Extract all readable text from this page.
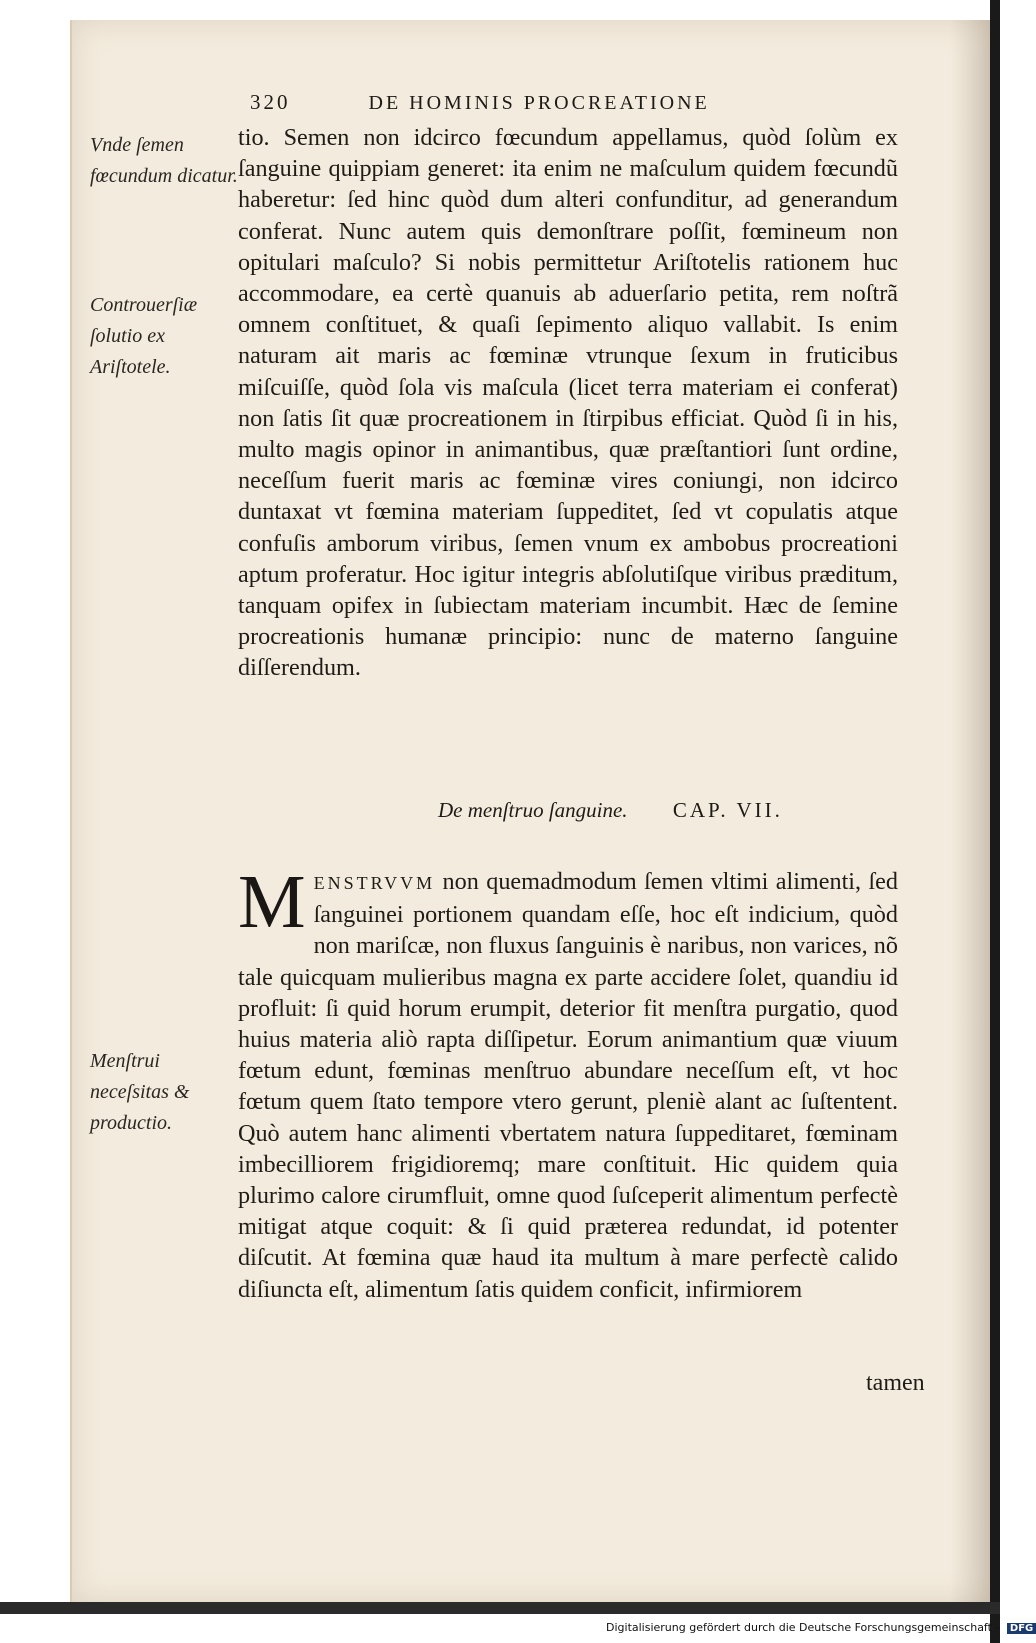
320	DE HOMINIS PROCREATIONE
Vnde ſemen fœcundum dicatur.
Controuerſiæ ſolutio ex Ariſtotele.
Menſtrui neceſsitas & productio.

tio. Semen non idcirco fœcundum appellamus, quòd ſolùm ex ſanguine quippiam generet: ita enim ne maſculum quidem fœcundũ haberetur: ſed hinc quòd dum alteri confunditur, ad generandum conferat. Nunc autem quis demonſtrare poſſit, fœmineum non opitulari maſculo? Si nobis permittetur Ariſtotelis rationem huc accommodare, ea certè quanuis ab aduerſario petita, rem noſtrã omnem conſtituet, & quaſi ſepimento aliquo vallabit. Is enim naturam ait maris ac fœminæ vtrunque ſexum in fruticibus miſcuiſſe, quòd ſola vis maſcula (licet terra materiam ei conferat) non ſatis ſit quæ procreationem in ſtirpibus efficiat. Quòd ſi in his, multo magis opinor in animantibus, quæ præſtantiori ſunt ordine, neceſſum fuerit maris ac fœminæ vires coniungi, non idcirco duntaxat vt fœmina materiam ſuppeditet, ſed vt copulatis atque confuſis amborum viribus, ſemen vnum ex ambobus procreationi aptum proferatur. Hoc igitur integris abſolutiſque viribus præditum, tanquam opifex in ſubiectam materiam incumbit. Hæc de ſemine procreationis humanæ principio: nunc de materno ſanguine diſſerendum.

De menſtruo ſanguine. CAP. VII.
M ENSTRVVM non quemadmodum ſemen vltimi alimenti, ſed ſanguinei portionem quandam eſſe, hoc eſt indicium, quòd non mariſcæ, non fluxus ſanguinis è naribus, non varices, nõ tale quicquam mulieribus magna ex parte accidere ſolet, quandiu id profluit: ſi quid horum erumpit, deterior fit menſtra purgatio, quod huius materia aliò rapta diſſipetur. Eorum animantium quæ viuum fœtum edunt, fœminas menſtruo abundare neceſſum eſt, vt hoc fœtum quem ſtato tempore vtero gerunt, pleniè alant ac ſuſtentent. Quò autem hanc alimenti vbertatem natura ſuppeditaret, fœminam imbecilliorem frigidioremq; mare conſtituit. Hic quidem quia plurimo calore cirumfluit, omne quod ſuſceperit alimentum perfectè mitigat atque coquit: & ſi quid prætereа redundat, id potenter diſcutit. At fœmina quæ haud ita multum à mare perfectè calido diſiuncta eſt, alimentum ſatis quidem conficit, infirmiorem
tamen
Digitalisierung gefördert durch die Deutsche Forschungsgemeinschaft - DFG
